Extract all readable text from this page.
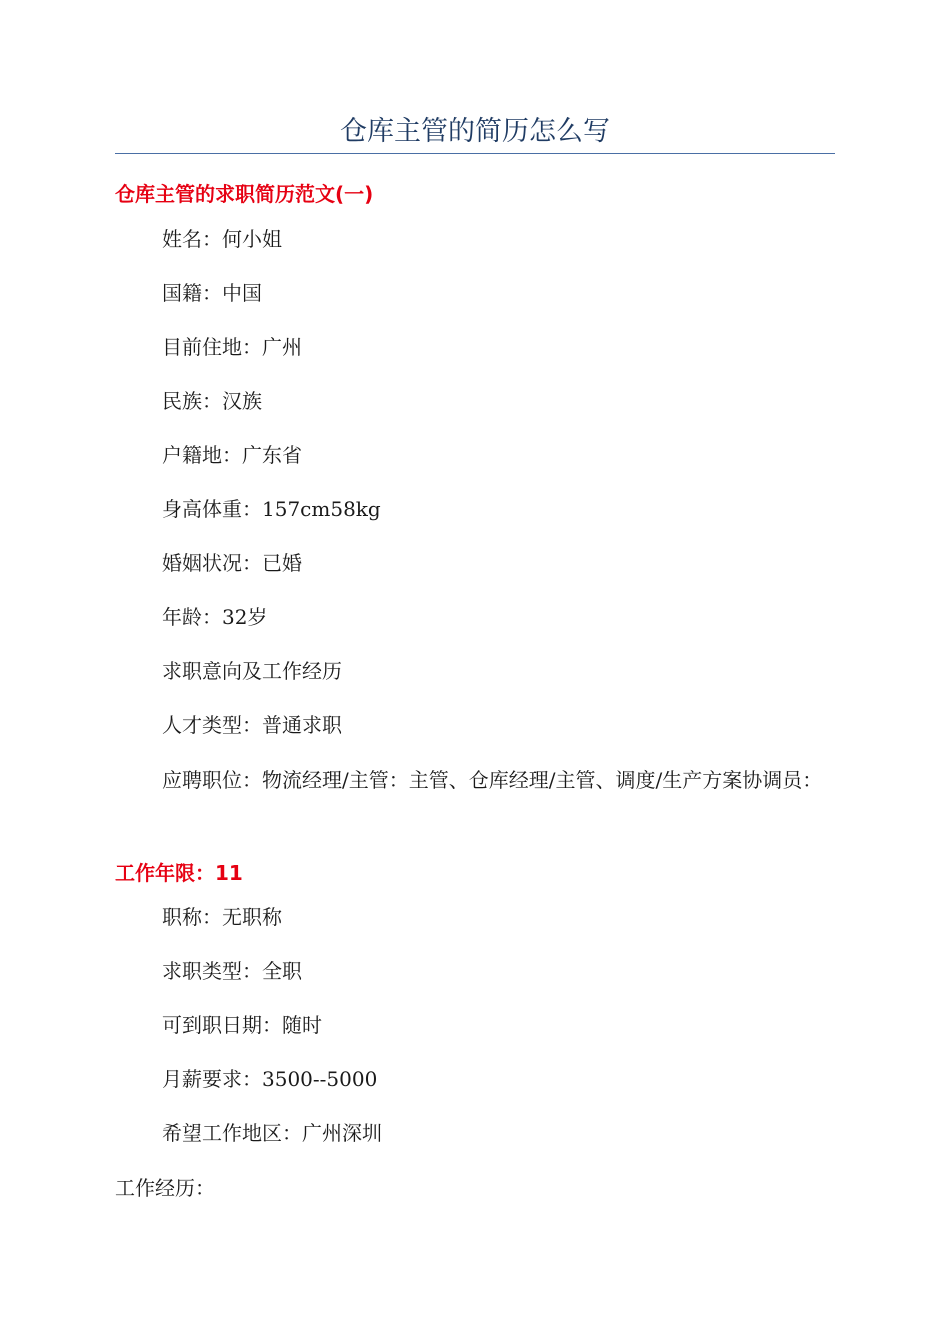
仓库主管的简历怎么写
仓库主管的求职简历范文(一)
姓名：何小姐
国籍：中国
目前住地：广州
民族：汉族
户籍地：广东省
身高体重：157cm58kg
婚姻状况：已婚
年龄：32岁
求职意向及工作经历
人才类型：普通求职
应聘职位：物流经理/主管：主管、仓库经理/主管、调度/生产方案协调员：
工作年限：11
职称：无职称
求职类型：全职
可到职日期：随时
月薪要求：3500--5000
希望工作地区：广州深圳
工作经历：
